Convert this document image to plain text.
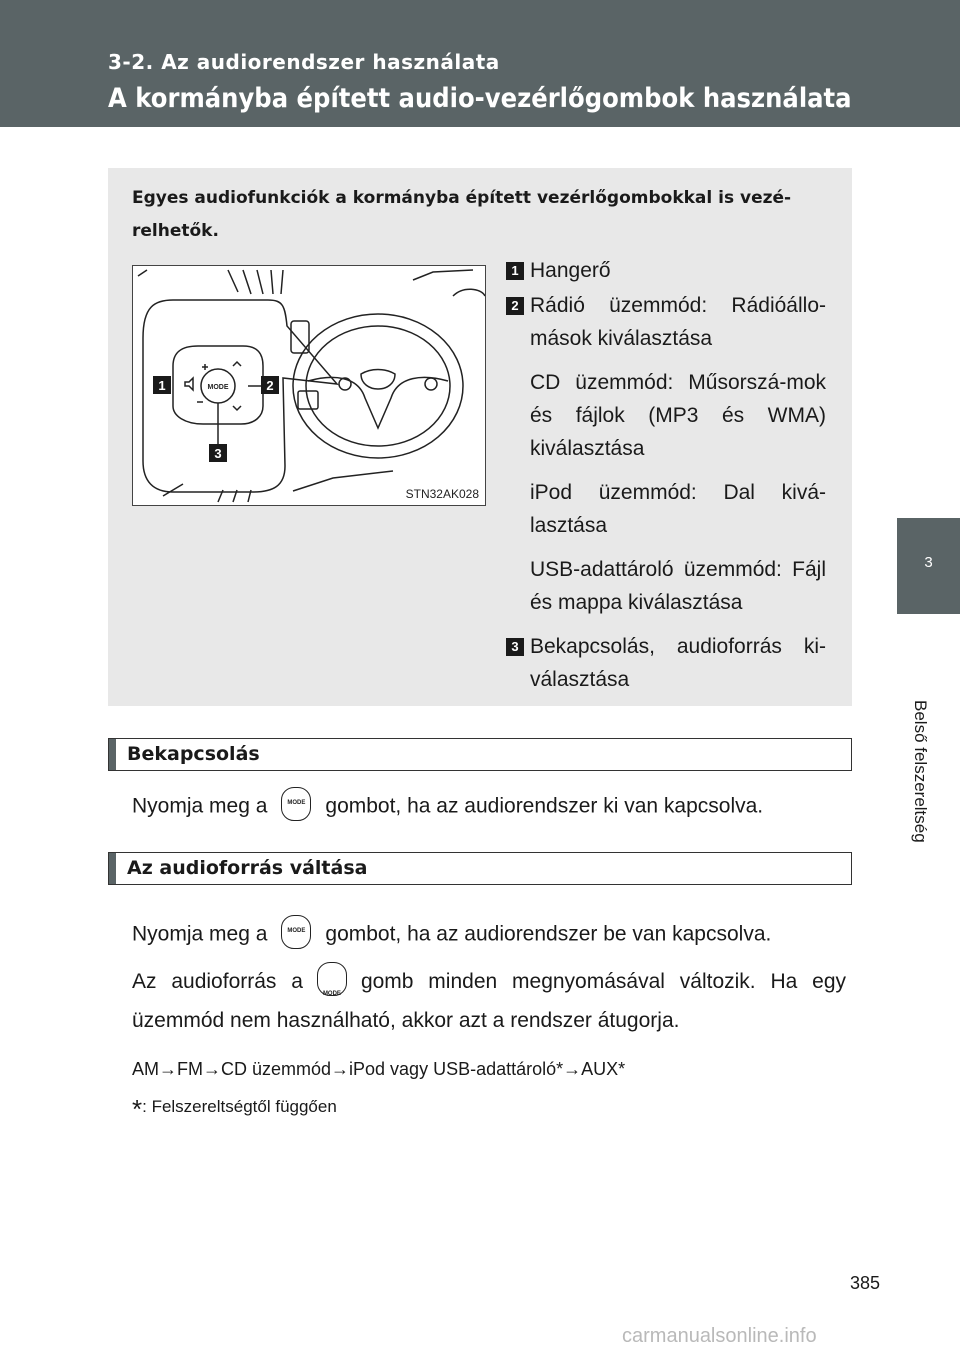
3-2. Az audiorendszer használata
A kormányba épített audio-vezérlőgombok használata
3
Belső felszereltség
Egyes audiofunkciók a kormányba épített vezérlőgombokkal is vezé-relhetők.
1	2
3
MODE
STN32AK028
1 Hangerő
2 Rádió üzemmód: Rádióállo-mások kiválasztása
CD üzemmód: Műsorszá-mok és fájlok (MP3 és WMA) kiválasztása
iPod üzemmód: Dal kivá-lasztása
USB-adattároló üzemmód: Fájl és mappa kiválasztása
3 Bekapcsolás, audioforrás ki-választása
Bekapcsolás
Nyomja meg a	MODE gombot, ha az audiorendszer ki van kapcsolva.
Az audioforrás váltása
Nyomja meg a	MODE gombot, ha az audiorendszer be van kapcsolva.
Az audioforrás a
MODE
gomb minden megnyomásával változik. Ha egy üzemmód nem használható, akkor azt a rendszer átugorja.
AM→FM→CD üzemmód→iPod vagy USB-adattároló*→AUX*
*: Felszereltségtől függően
385
carmanualsonline.info
